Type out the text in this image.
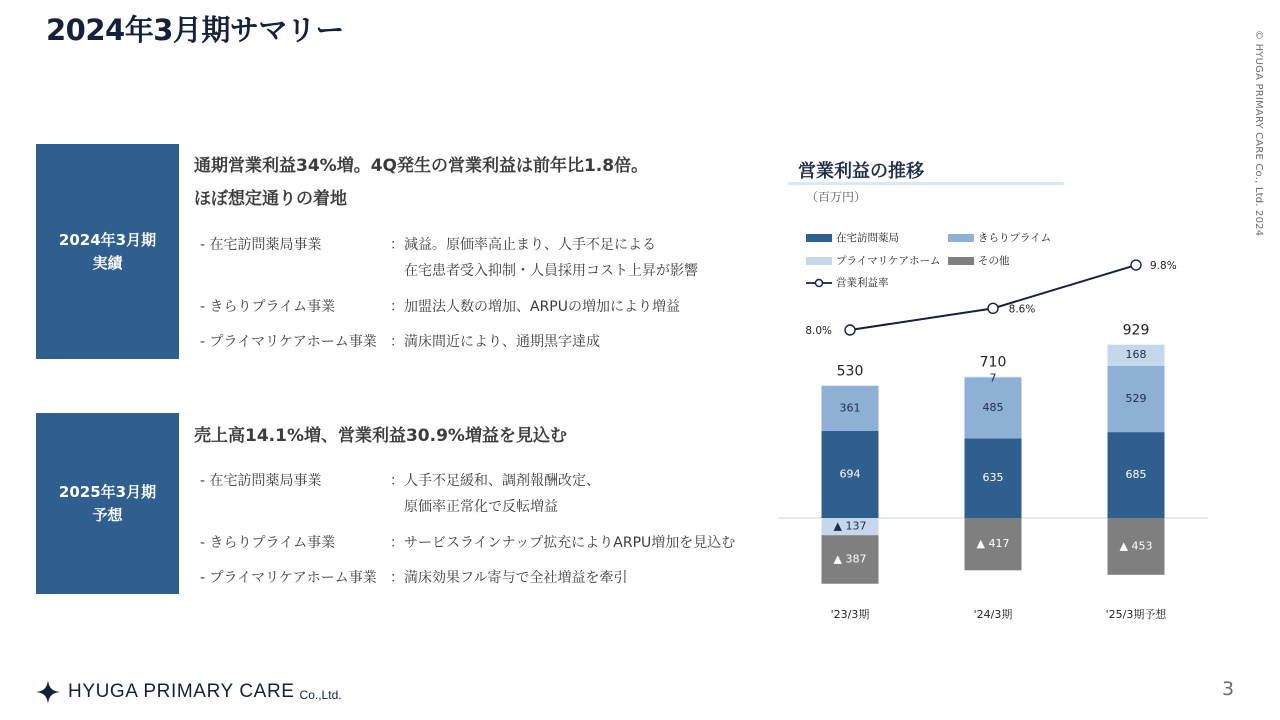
2024年3月期サマリー	© HYUGA PRIMARY CARE Co., Ltd. 2024
2024年3月期
実績
通期営業利益34%増。4Q発生の営業利益は前年比1.8倍。
ほぼ想定通りの着地
- 在宅訪問薬局事業	：減益。原価率高止まり、人手不足による
　在宅患者受入抑制・人員採用コスト上昇が影響
- きらりプライム事業	：加盟法人数の増加、ARPUの増加により増益
- プライマリケアホーム事業 ：満床間近により、通期黒字達成
2025年3月期
予想
売上高14.1%増、営業利益30.9%増益を見込む
- 在宅訪問薬局事業	：人手不足緩和、調剤報酬改定、
　原価率正常化で反転増益
- きらりプライム事業	：サービスラインナップ拡充によりARPU増加を見込む
- プライマリケアホーム事業 ：満床効果フル寄与で全社増益を牽引
営業利益の推移
（百万円）
在宅訪問薬局	きらりプライム
プライマリケアホーム	その他
営業利益率
694
361
▲ 137
▲ 387
530
'23/3期
635
485
7
▲ 417
710
'24/3期
685
529
168
▲ 453
929
'25/3期予想
8.0%
8.6%
9.8%
HYUGA PRIMARY CARE Co.,Ltd.	3
